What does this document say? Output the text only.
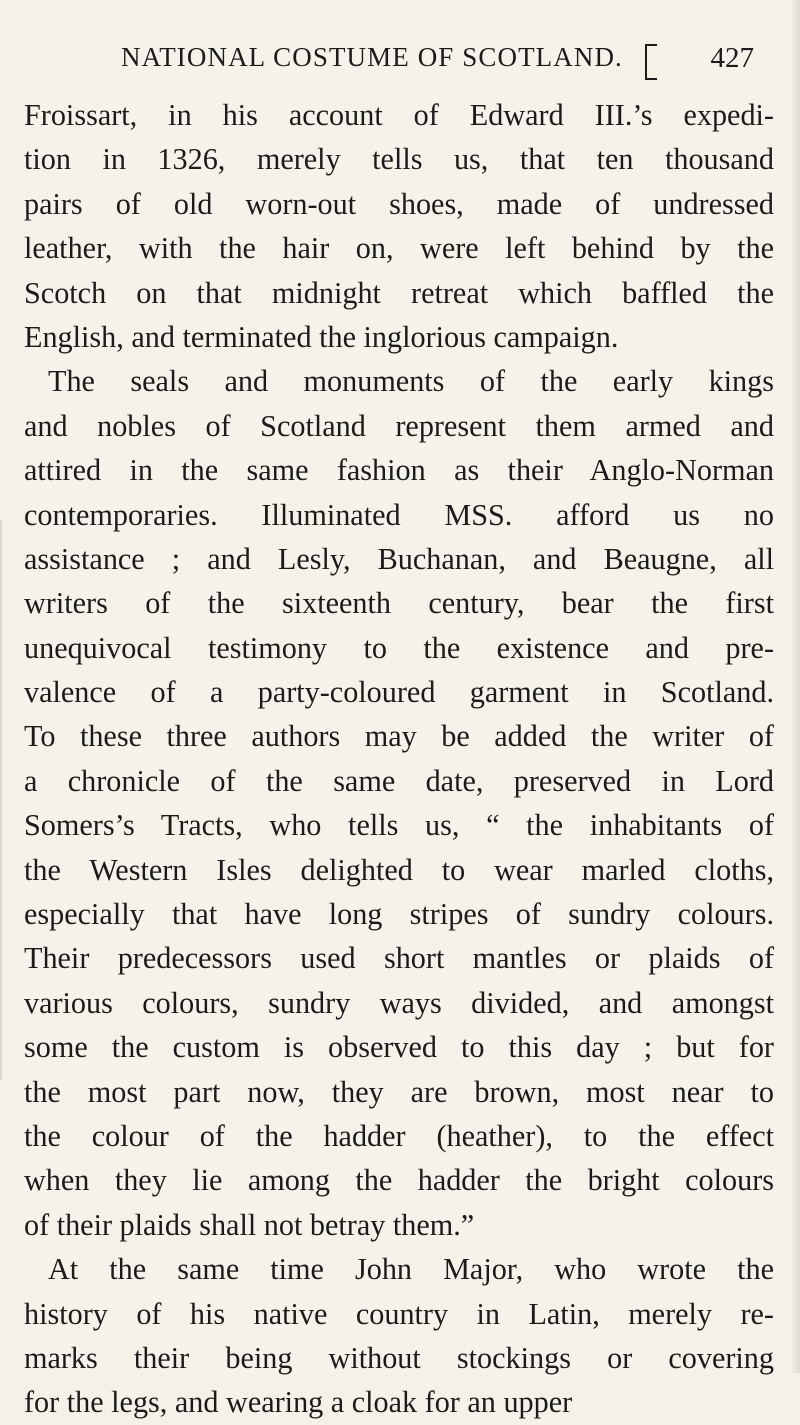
NATIONAL COSTUME OF SCOTLAND.	427
Froissart, in his account of Edward III.’s expedi-
tion in 1326, merely tells us, that ten thousand
pairs of old worn-out shoes, made of undressed
leather, with the hair on, were left behind by the
Scotch on that midnight retreat which baffled the
English, and terminated the inglorious campaign.
The seals and monuments of the early kings
and nobles of Scotland represent them armed and
attired in the same fashion as their Anglo-Norman
contemporaries. Illuminated MSS. afford us no
assistance ; and Lesly, Buchanan, and Beaugne, all
writers of the sixteenth century, bear the first
unequivocal testimony to the existence and pre-
valence of a party-coloured garment in Scotland.
To these three authors may be added the writer of
a chronicle of the same date, preserved in Lord
Somers’s Tracts, who tells us, “ the inhabitants of
the Western Isles delighted to wear marled cloths,
especially that have long stripes of sundry colours.
Their predecessors used short mantles or plaids of
various colours, sundry ways divided, and amongst
some the custom is observed to this day ; but for
the most part now, they are brown, most near to
the colour of the hadder (heather), to the effect
when they lie among the hadder the bright colours
of their plaids shall not betray them.”
At the same time John Major, who wrote the
history of his native country in Latin, merely re-
marks their being without stockings or covering
for the legs, and wearing a cloak for an upper
